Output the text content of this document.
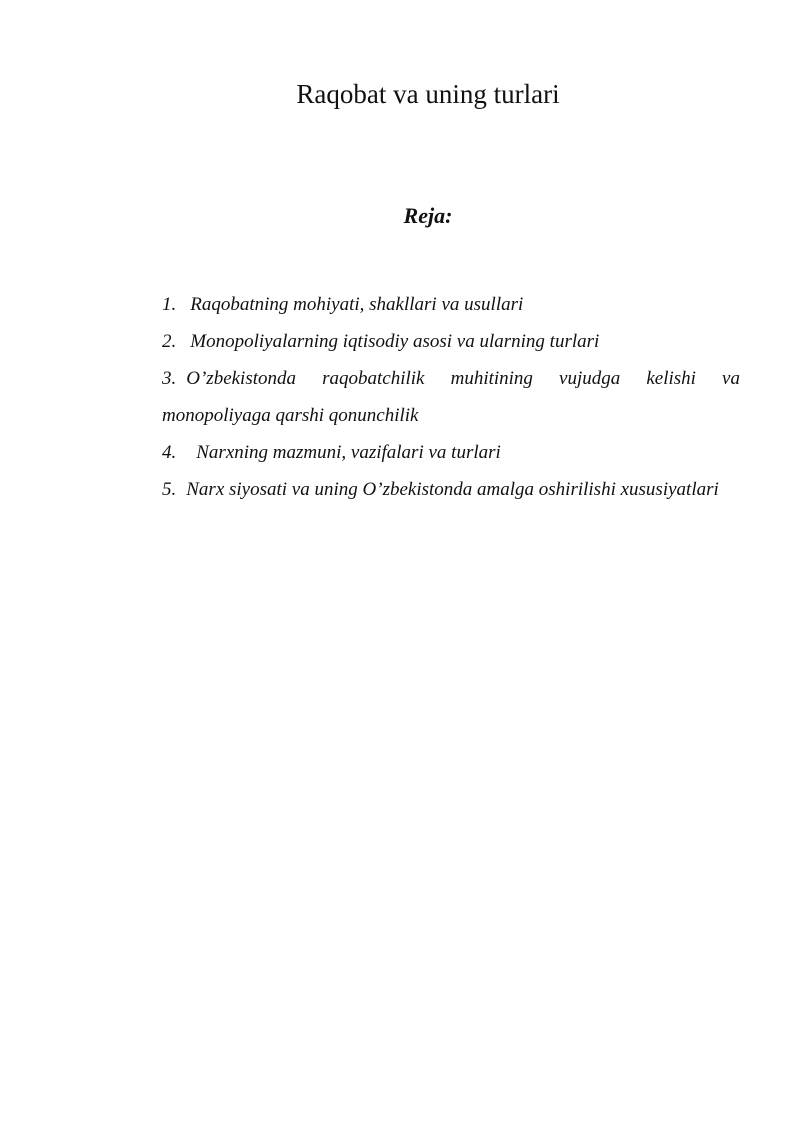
Raqobat va uning turlari
Reja:
1. Raqobatning mohiyati, shakllari va usullari
2. Monopoliyalarning iqtisodiy asosi va ularning turlari
3. O’zbekistonda raqobatchilik muhitining vujudga kelishi va monopoliyaga qarshi qonunchilik
4. Narxning mazmuni, vazifalari va turlari
5. Narx siyosati va uning O’zbekistonda amalga oshirilishi xususiyatlari
